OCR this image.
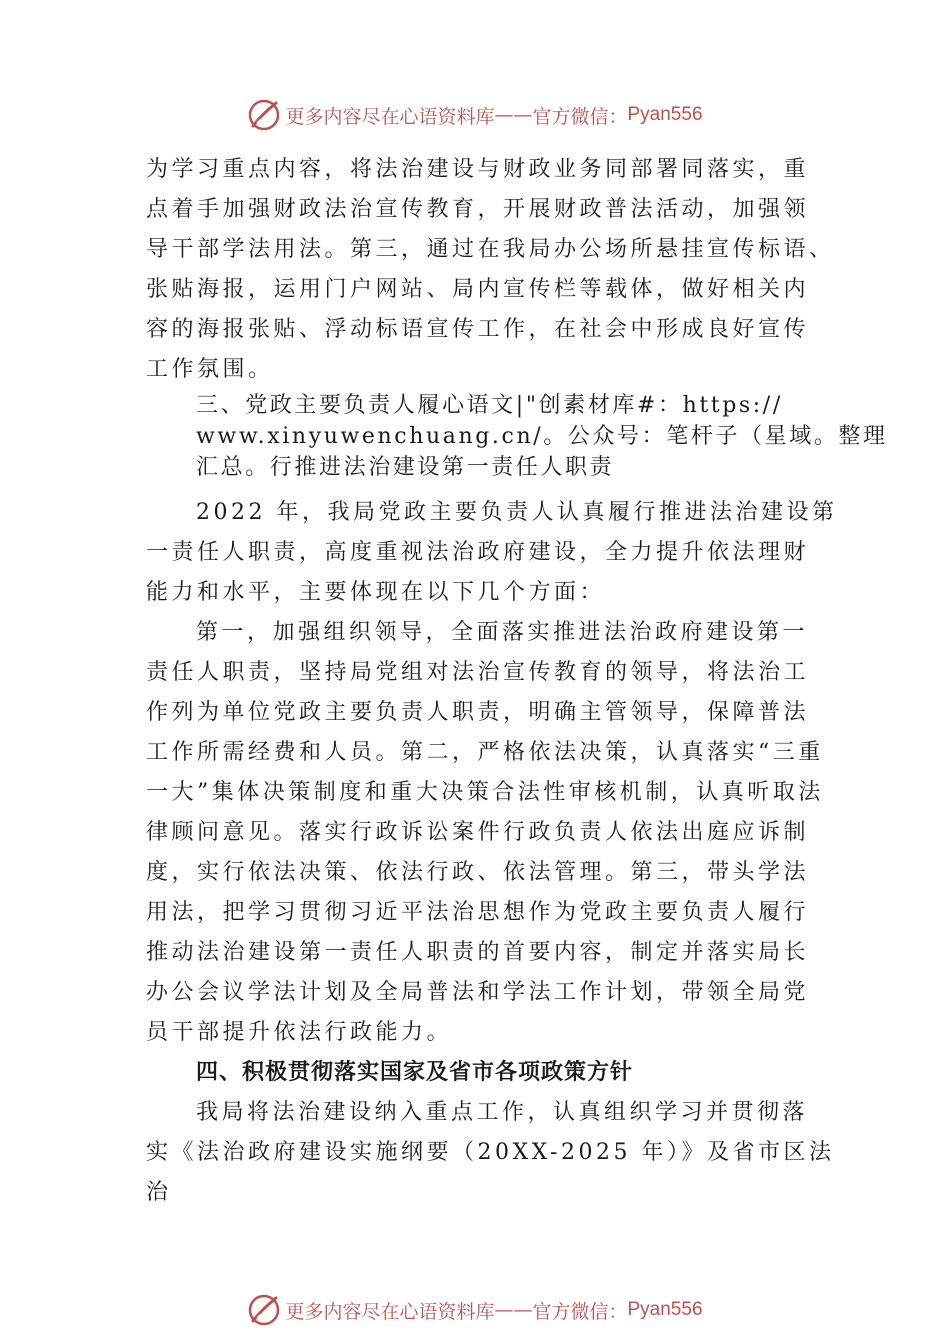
更多内容尽在心语资料库 —— 官方微信： Pyan556
为学习重点内容，将法治建设与财政业务同部署同落实，重
点着手加强财政法治宣传教育，开展财政普法活动，加强领
导干部学法用法。第三，通过在我局办公场所悬挂宣传标语、
张贴海报，运用门户网站、局内宣传栏等载体，做好相关内
容的海报张贴、浮动标语宣传工作，在社会中形成良好宣传
工作氛围。
三、党政主要负责人履心语文|"创素材库#：https://
www.xinyuwenchuang.cn/。公众号：笔杆子（星域。整理
汇总。行推进法治建设第一责任人职责
2022 年，我局党政主要负责人认真履行推进法治建设第
一责任人职责，高度重视法治政府建设，全力提升依法理财
能力和水平，主要体现在以下几个方面：
第一，加强组织领导，全面落实推进法治政府建设第一
责任人职责，坚持局党组对法治宣传教育的领导，将法治工
作列为单位党政主要负责人职责，明确主管领导，保障普法
工作所需经费和人员。第二，严格依法决策，认真落实“三重
一大”集体决策制度和重大决策合法性审核机制，认真听取法
律顾问意见。落实行政诉讼案件行政负责人依法出庭应诉制
度，实行依法决策、依法行政、依法管理。第三，带头学法
用法，把学习贯彻习近平法治思想作为党政主要负责人履行
推动法治建设第一责任人职责的首要内容，制定并落实局长
办公会议学法计划及全局普法和学法工作计划，带领全局党
员干部提升依法行政能力。
四、积极贯彻落实国家及省市各项政策方针
我局将法治建设纳入重点工作，认真组织学习并贯彻落
实《法治政府建设实施纲要（20XX-2025 年）》及省市区法
治
更多内容尽在心语资料库 —— 官方微信： Pyan556
